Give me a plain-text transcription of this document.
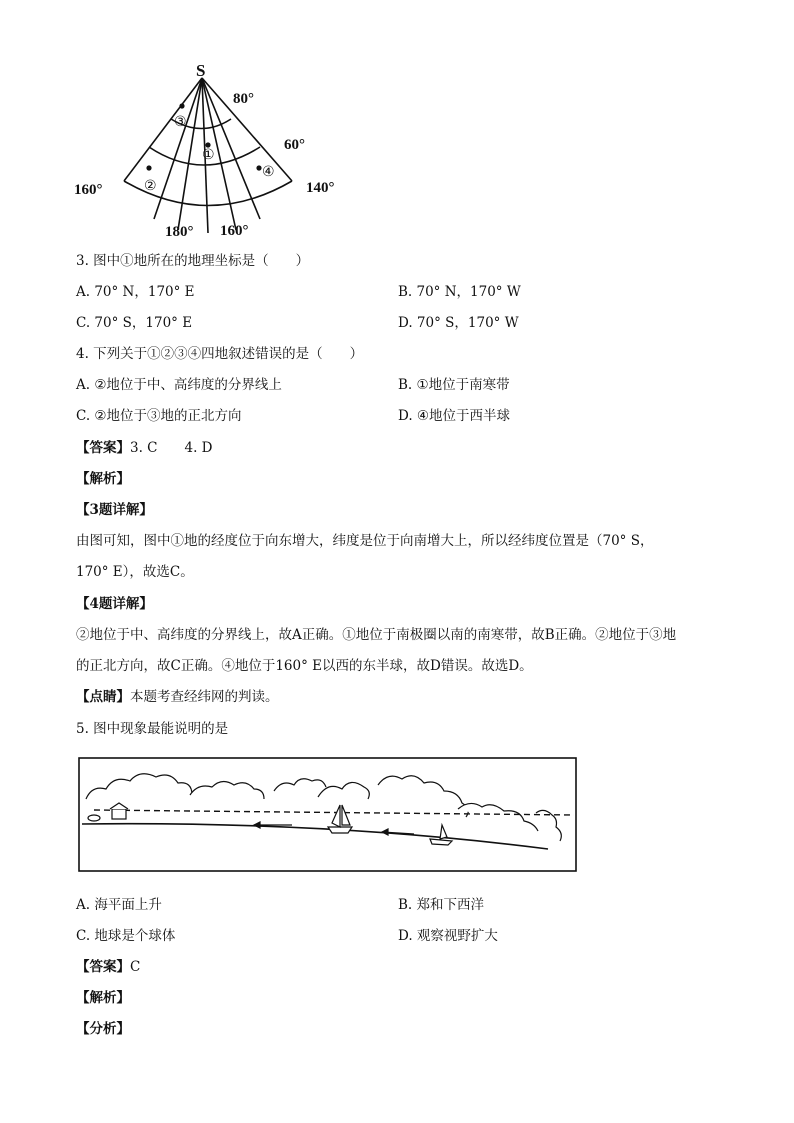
S
80°
60°
160°
180° 160°
140°
③
①
②
④
3. 图中①地所在的地理坐标是（　　）
A. 70° N，170° E	B. 70° N，170° W
C. 70° S，170° E	D. 70° S，170° W
4. 下列关于①②③④四地叙述错误的是（　　）
A. ②地位于中、高纬度的分界线上	B. ①地位于南寒带
C. ②地位于③地的正北方向	D. ④地位于西半球
【答案】3. C　　4. D
【解析】
【3题详解】
由图可知，图中①地的经度位于向东增大，纬度是位于向南增大上，所以经纬度位置是（70° S，
170° E），故选C。
【4题详解】
②地位于中、高纬度的分界线上，故A正确。①地位于南极圈以南的南寒带，故B正确。②地位于③地
的正北方向，故C正确。④地位于160° E以西的东半球，故D错误。故选D。
【点睛】本题考查经纬网的判读。
5. 图中现象最能说明的是
A. 海平面上升	B. 郑和下西洋
C. 地球是个球体	D. 观察视野扩大
【答案】C
【解析】
【分析】
